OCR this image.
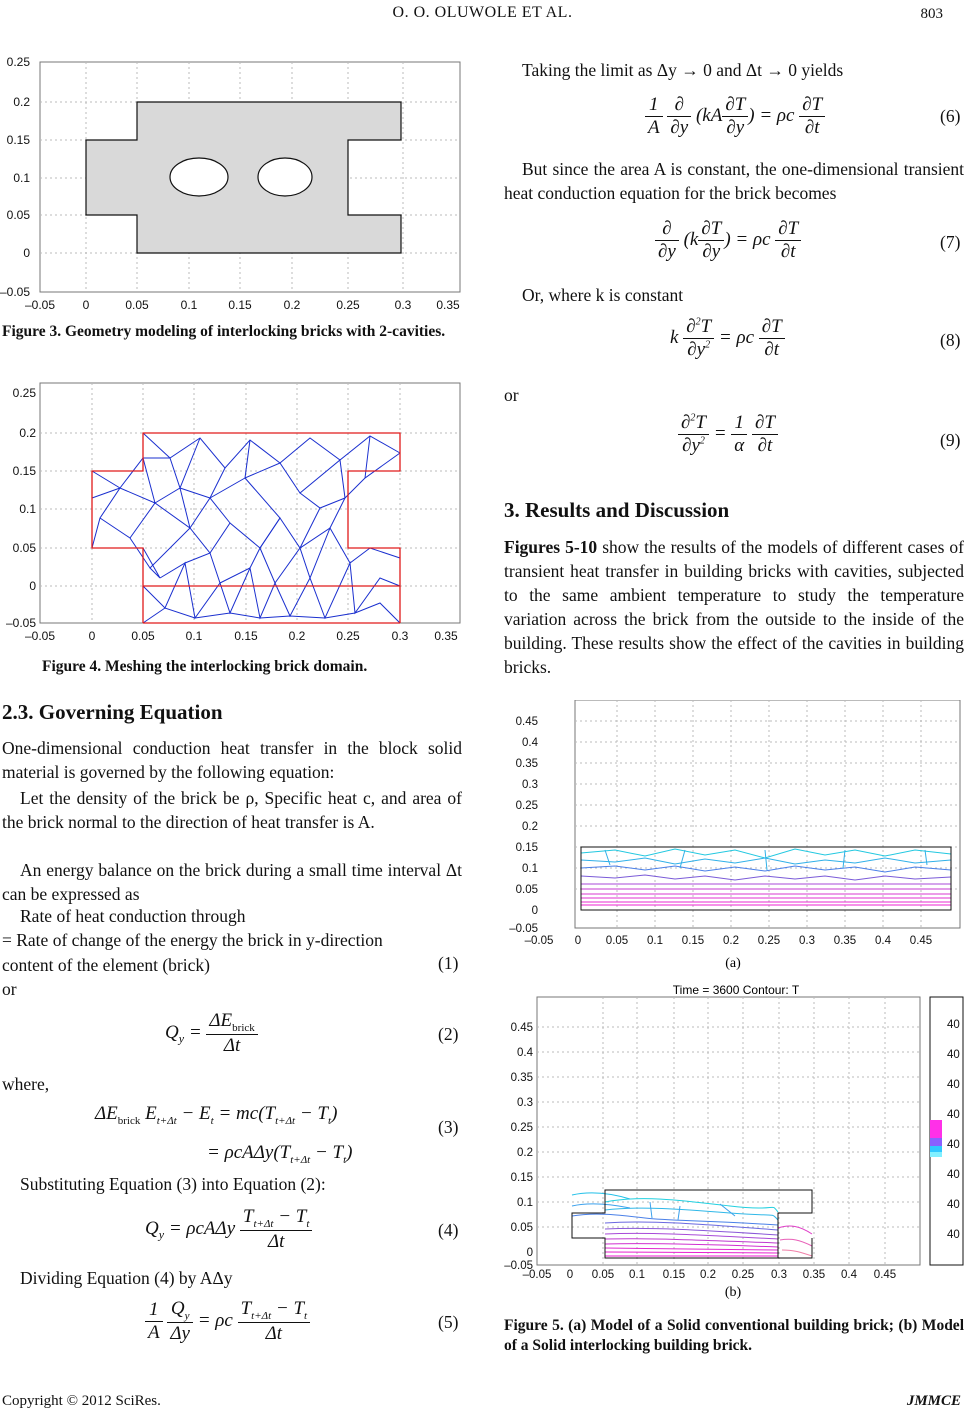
O. O. OLUWOLE ET AL.	803
0.25
0.2
0.15
0.1
0.05
0
–0.05
–0.05 0	0.05	0.1	0.15	0.2	0.25	0.3 0.35
Figure 3. Geometry modeling of interlocking bricks with 2-cavities.
0.25
0.2
0.15
0.1
0.05
0
–0.05
–0.05	0	0.05	0.1	0.15	0.2	0.25	0.3 0.35
Figure 4. Meshing the interlocking brick domain.
2.3. Governing Equation
One-dimensional conduction heat transfer in the block solid material is governed by the following equation:
Let the density of the brick be ρ, Specific heat c, and area of the brick normal to the direction of heat transfer is A.
An energy balance on the brick during a small time interval Δt can be expressed as
Rate of heat conduction through
= Rate of change of the energy the brick in y-direction
content of the element (brick)	(1)
or
$Q_y = \frac{\Delta E_{brick}}{\Delta t}$	(2)
where,
$\Delta E_{brick}$ $E_{t+\Delta t} - E_t = mc(T_{t+\Delta t} - T_t)$
= $\rho cA\Delta y(T_{t+\Delta t} - T_t)$
(3)
Substituting Equation (3) into Equation (2):
$Q_y = \rho cA\Delta y \frac{T_{t+\Delta t} - T_t}{\Delta t}$	(4)
Dividing Equation (4) by AΔy
$\frac{1}{A}$
$\frac{Q_y}{\Delta y} = \rho c \frac{T_{t+\Delta t} - T_t}{\Delta t}$	(5)
Taking the limit as Δy → 0 and Δt → 0 yields
$\frac{1}{A}$
$\frac{\partial}{\partial y} (kA \frac{\partial T}{\partial y}$ ) = ρc $\frac{\partial T}{\partial t}$	(6)
But since the area A is constant, the one-dimensional transient heat conduction equation for the brick becomes
$\frac{\partial}{\partial y} (k \frac{\partial T}{\partial y}$ ) = ρc $\frac{\partial T}{\partial t}$	(7)
Or, where k is constant
k $\frac{\partial^2T}{\partial y^2} = \rho c \frac{\partial T}{\partial t}$	(8)
or
$\frac{\partial^2T}{\partial y^2} = \frac{1}{\alpha}$
$\frac{\partial T}{\partial t}$	(9)
3. Results and Discussion
Figures 5-10 show the results of the models of different cases of transient heat transfer in building bricks with cavities, subjected to the same ambient temperature to study the temperature variation across the brick from the outside to the inside of the building. These results show the effect of the cavities in building bricks.
0.45
0.4
0.35
0.3
0.25
0.2
0.15
0.1
0.05
0
–0.05
–0.05 0 0.05 0.1 0.15 0.2 0.25 0.3 0.35 0.4 0.45
(a)
Time = 3600 Contour: T
40
40
40
40
40
40
40
40
0.45
0.4
0.35
0.3
0.25
0.2
0.15
0.1
0.05
0
–0.05
–0.05 0 0.05 0.1 0.15 0.2 0.25 0.3 0.35 0.4 0.45
(b)
Figure 5. (a) Model of a Solid conventional building brick; (b) Model of a Solid interlocking building brick.
Copyright © 2012 SciRes.	JMMCE
